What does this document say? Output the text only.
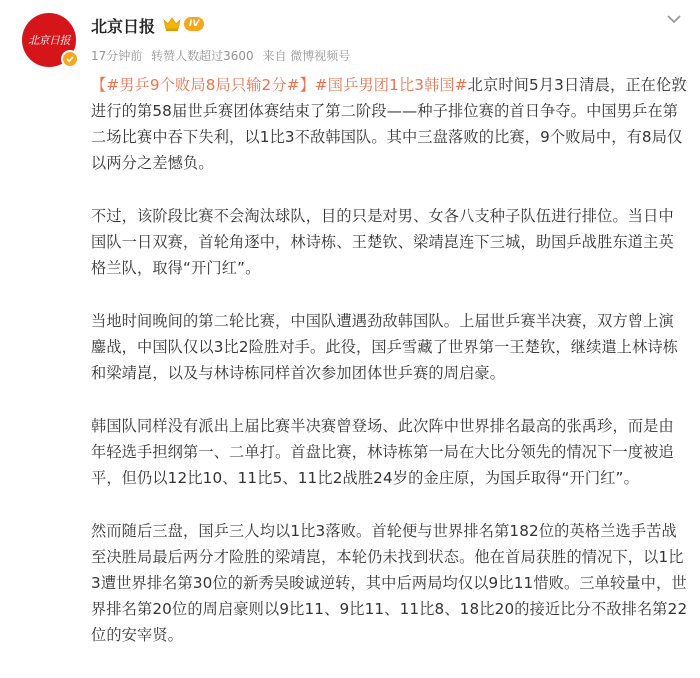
北京日报
北京日报	IV
17分钟前 转赞人数超过3600 来自 微博视频号

【#男乒9个败局8局只输2分#】#国乒男团1比3韩国#北京时间5月3日清晨，正在伦敦进行的第58届世乒赛团体赛结束了第二阶段——种子排位赛的首日争夺。中国男乒在第二场比赛中吞下失利，以1比3不敌韩国队。其中三盘落败的比赛，9个败局中，有8局仅以两分之差憾负。

不过，该阶段比赛不会淘汰球队，目的只是对男、女各八支种子队伍进行排位。当日中国队一日双赛，首轮角逐中，林诗栋、王楚钦、梁靖崑连下三城，助国乒战胜东道主英格兰队，取得“开门红”。

当地时间晚间的第二轮比赛，中国队遭遇劲敌韩国队。上届世乒赛半决赛，双方曾上演鏖战，中国队仅以3比2险胜对手。此役，国乒雪藏了世界第一王楚钦，继续遣上林诗栋和梁靖崑，以及与林诗栋同样首次参加团体世乒赛的周启豪。

韩国队同样没有派出上届比赛半决赛曾登场、此次阵中世界排名最高的张禹珍，而是由年轻选手担纲第一、二单打。首盘比赛，林诗栋第一局在大比分领先的情况下一度被追平，但仍以12比10、11比5、11比2战胜24岁的金庄原，为国乒取得“开门红”。

然而随后三盘，国乒三人均以1比3落败。首轮便与世界排名第182位的英格兰选手苦战至决胜局最后两分才险胜的梁靖崑，本轮仍未找到状态。他在首局获胜的情况下，以1比3遭世界排名第30位的新秀吴晙诚逆转，其中后两局均仅以9比11惜败。三单较量中，世界排名第20位的周启豪则以9比11、9比11、11比8、18比20的接近比分不敌排名第22位的安宰贤。
